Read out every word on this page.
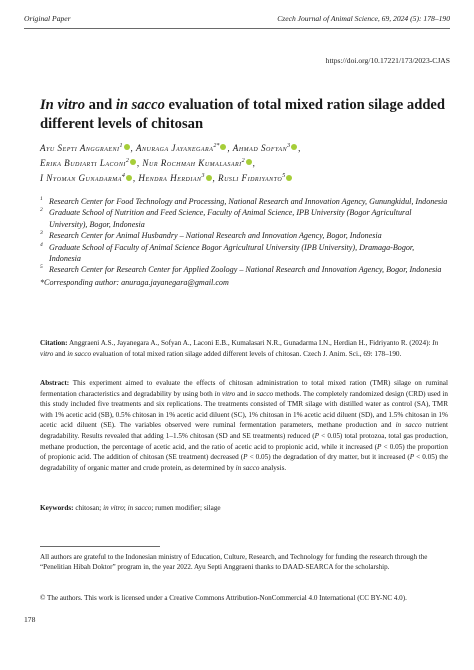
Original Paper	Czech Journal of Animal Science, 69, 2024 (5): 178–190
https://doi.org/10.17221/173/2023-CJAS
In vitro and in sacco evaluation of total mixed ration silage added different levels of chitosan
Ayu Septi Anggraeni$^1$ , Anuraga Jayanegara$^{2*}$ , Ahmad Sofyan$^3$ ,
Erika Budiarti Laconi$^2$ , Nur Rochmah Kumalasari$^2$ ,
I Nyoman Gunadarma$^4$ , Hendra Herdian$^3$ , Rusli Fidriyanto$^5$
1 Research Center for Food Technology and Processing, National Research and Innovation Agency, Gunungkidul, Indonesia
2 Graduate School of Nutrition and Feed Science, Faculty of Animal Science, IPB University (Bogor Agricultural University), Bogor, Indonesia
3 Research Center for Animal Husbandry – National Research and Innovation Agency, Bogor, Indonesia
4 Graduate School of Faculty of Animal Science Bogor Agricultural University (IPB University), Dramaga-Bogor, Indonesia
5 Research Center for Research Center for Applied Zoology – National Research and Innovation Agency, Bogor, Indonesia
*Corresponding author: anuraga.jayanegara@gmail.com
Citation: Anggraeni A.S., Jayanegara A., Sofyan A., Laconi E.B., Kumalasari N.R., Gunadarma I.N., Herdian H., Fidriyanto R. (2024): In vitro and in sacco evaluation of total mixed ration silage added different levels of chitosan. Czech J. Anim. Sci., 69: 178–190.
Abstract: This experiment aimed to evaluate the effects of chitosan administration to total mixed ration (TMR) silage on ruminal fermentation characteristics and degradability by using both in vitro and in sacco methods. The completely randomized design (CRD) used in this study included five treatments and six replications. The treatments consisted of TMR silage with distilled water as control (SA), TMR with 1% acetic acid (SB), 0.5% chitosan in 1% acetic acid diluent (SC), 1% chitosan in 1% acetic acid diluent (SD), and 1.5% chitosan in 1% acetic acid diluent (SE). The variables observed were ruminal fermentation parameters, methane production and in sacco nutrient degradability. Results revealed that adding 1–1.5% chitosan (SD and SE treatments) reduced (P < 0.05) total protozoa, total gas production, methane production, the percentage of acetic acid, and the ratio of acetic acid to propionic acid, while it increased (P < 0.05) the proportion of propionic acid. The addition of chitosan (SE treatment) decreased (P < 0.05) the degradation of dry matter, but it increased (P < 0.05) the degradability of organic matter and crude protein, as determined by in sacco analysis.
Keywords: chitosan; in vitro; in sacco; rumen modifier; silage
All authors are grateful to the Indonesian ministry of Education, Culture, Research, and Technology for funding the research through the “Penelitian Hibah Doktor” program in, the year 2022. Ayu Septi Anggraeni thanks to DAAD-SEARCA for the scholarship.
© The authors. This work is licensed under a Creative Commons Attribution-NonCommercial 4.0 International (CC BY-NC 4.0).
178
